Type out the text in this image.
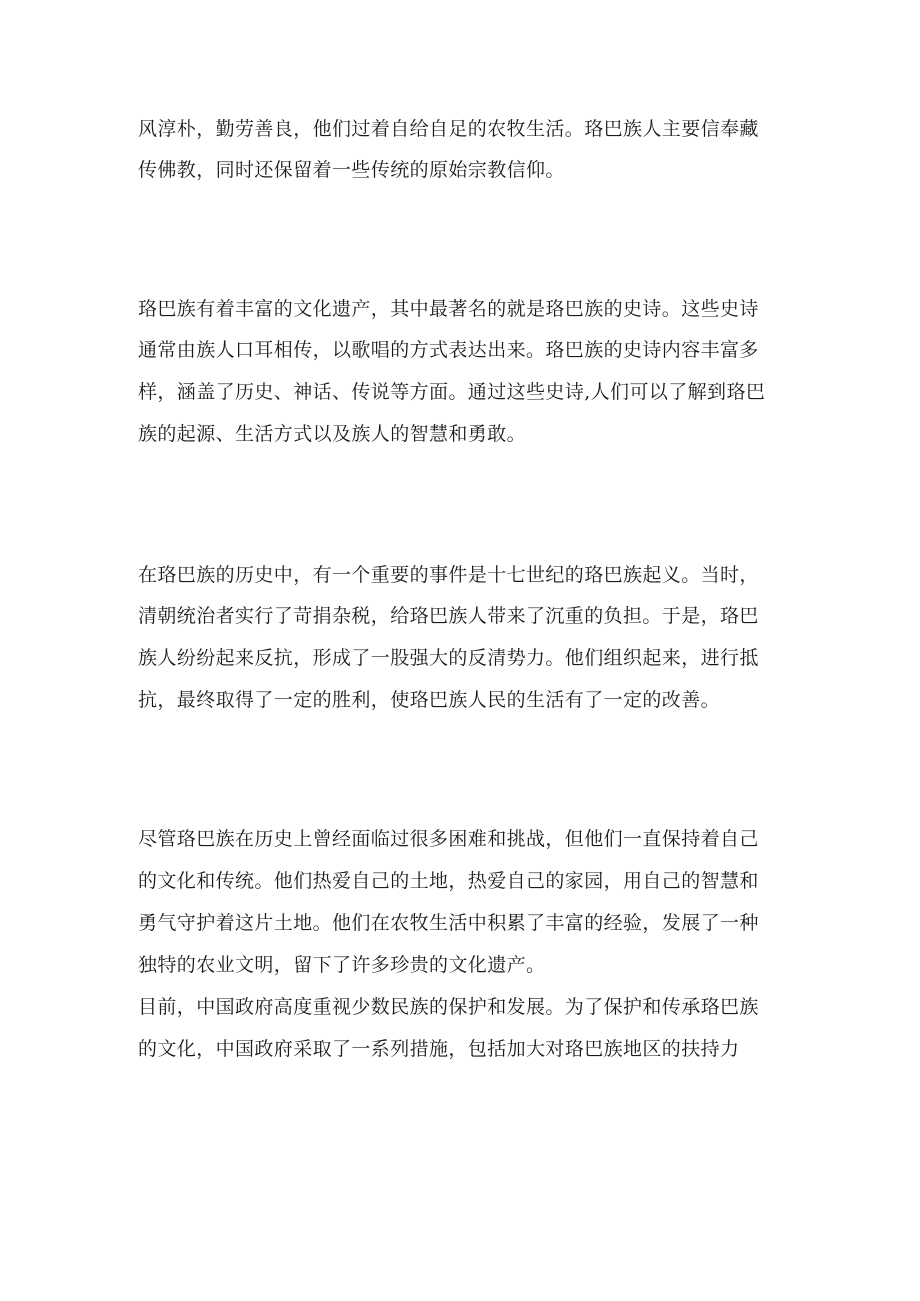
风淳朴，勤劳善良，他们过着自给自足的农牧生活。珞巴族人主要信奉藏
传佛教，同时还保留着一些传统的原始宗教信仰。
珞巴族有着丰富的文化遗产，其中最著名的就是珞巴族的史诗。这些史诗
通常由族人口耳相传，以歌唱的方式表达出来。珞巴族的史诗内容丰富多
样，涵盖了历史、神话、传说等方面。通过这些史诗,人们可以了解到珞巴
族的起源、生活方式以及族人的智慧和勇敢。
在珞巴族的历史中，有一个重要的事件是十七世纪的珞巴族起义。当时，
清朝统治者实行了苛捐杂税，给珞巴族人带来了沉重的负担。于是，珞巴
族人纷纷起来反抗，形成了一股强大的反清势力。他们组织起来，进行抵
抗，最终取得了一定的胜利，使珞巴族人民的生活有了一定的改善。
尽管珞巴族在历史上曾经面临过很多困难和挑战，但他们一直保持着自己
的文化和传统。他们热爱自己的土地，热爱自己的家园，用自己的智慧和
勇气守护着这片土地。他们在农牧生活中积累了丰富的经验，发展了一种
独特的农业文明，留下了许多珍贵的文化遗产。
目前，中国政府高度重视少数民族的保护和发展。为了保护和传承珞巴族
的文化，中国政府采取了一系列措施，包括加大对珞巴族地区的扶持力
